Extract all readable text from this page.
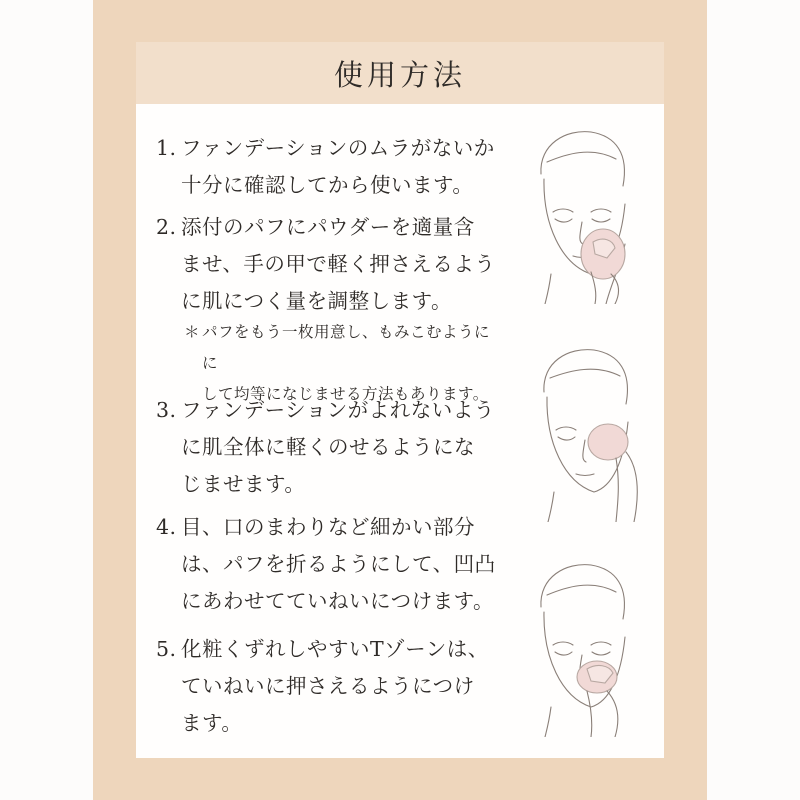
使用方法
1. ファンデーションのムラがないか
十分に確認してから使います。
2. 添付のパフにパウダーを適量含
ませ、手の甲で軽く押さえるよう
に肌につく量を調整します。
＊ パフをもう一枚用意し、もみこむようにに
して均等になじませる方法もあります。
3. ファンデーションがよれないよう
に肌全体に軽くのせるようにな
じませます。
4. 目、口のまわりなど細かい部分
は、パフを折るようにして、凹凸
にあわせてていねいにつけます。
5. 化粧くずれしやすいTゾーンは、
ていねいに押さえるようにつけ
ます。
